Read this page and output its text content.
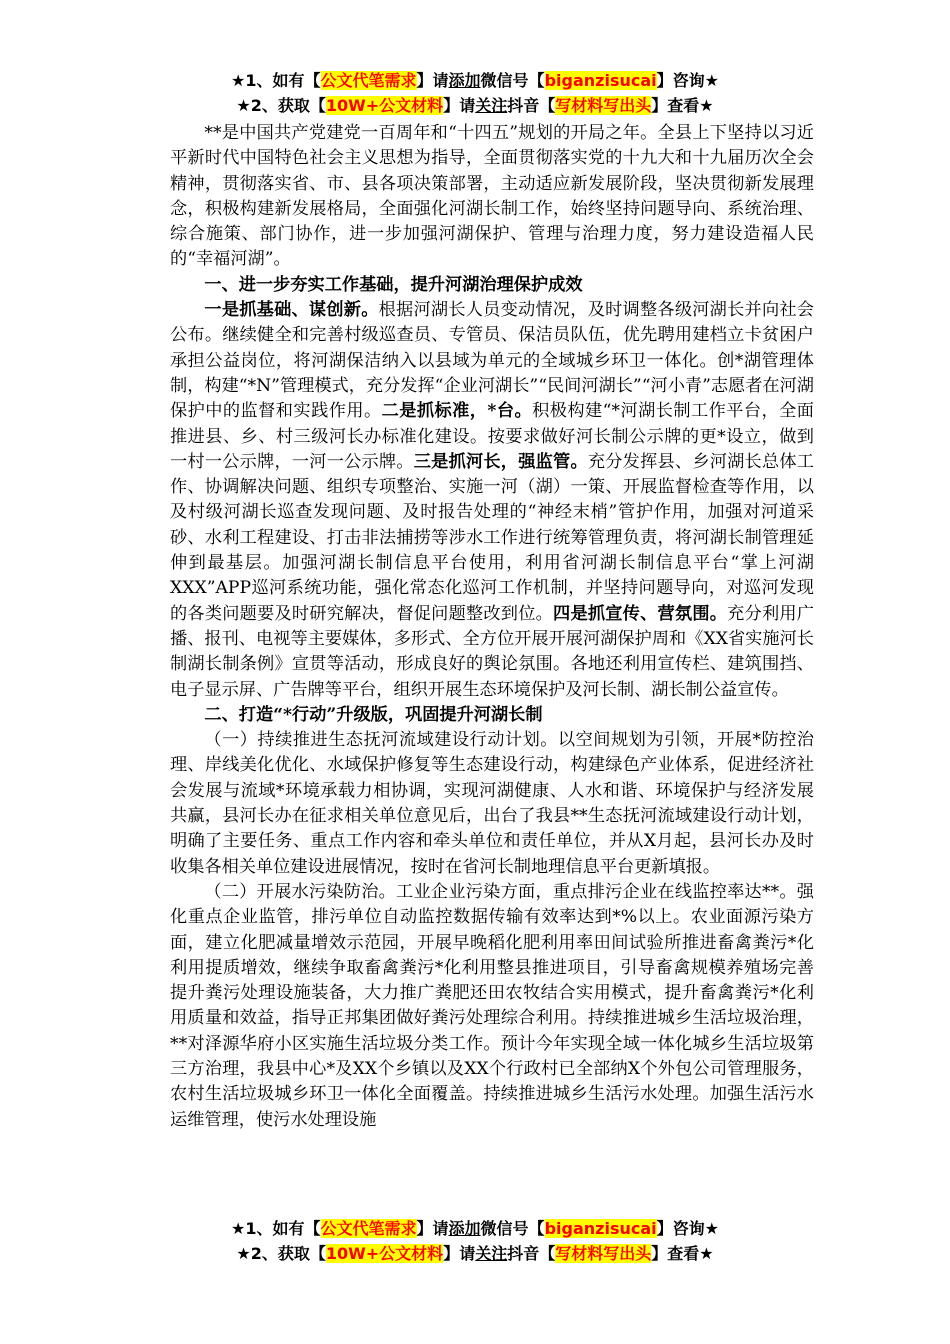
★1、如有【公文代笔需求】请添加微信号【biganzisucai】咨询★
★2、获取【10W+公文材料】请关注抖音【写材料写出头】查看★

**是中国共产党建党一百周年和“十四五”规划的开局之年。全县上下坚持以习近平新时代中国特色社会主义思想为指导，全面贯彻落实党的十九大和十九届历次全会精神，贯彻落实省、市、县各项决策部署，主动适应新发展阶段，坚决贯彻新发展理念，积极构建新发展格局，全面强化河湖长制工作，始终坚持问题导向、系统治理、综合施策、部门协作，进一步加强河湖保护、管理与治理力度，努力建设造福人民的“幸福河湖”。

一、进一步夯实工作基础，提升河湖治理保护成效

一是抓基础、谋创新。根据河湖长人员变动情况，及时调整各级河湖长并向社会公布。继续健全和完善村级巡查员、专管员、保洁员队伍，优先聘用建档立卡贫困户承担公益岗位，将河湖保洁纳入以县域为单元的全域城乡环卫一体化。创*湖管理体制，构建“*N”管理模式，充分发挥“企业河湖长”“民间河湖长”“河小青”志愿者在河湖保护中的监督和实践作用。二是抓标准，*台。积极构建“*河湖长制工作平台，全面推进县、乡、村三级河长办标准化建设。按要求做好河长制公示牌的更*设立，做到一村一公示牌，一河一公示牌。三是抓河长，强监管。充分发挥县、乡河湖长总体工作、协调解决问题、组织专项整治、实施一河（湖）一策、开展监督检查等作用，以及村级河湖长巡查发现问题、及时报告处理的“神经末梢”管护作用，加强对河道采砂、水利工程建设、打击非法捕捞等涉水工作进行统筹管理负责，将河湖长制管理延伸到最基层。加强河湖长制信息平台使用，利用省河湖长制信息平台“掌上河湖XXX”APP巡河系统功能，强化常态化巡河工作机制，并坚持问题导向，对巡河发现的各类问题要及时研究解决，督促问题整改到位。四是抓宣传、营氛围。充分利用广播、报刊、电视等主要媒体，多形式、全方位开展开展河湖保护周和《XX省实施河长制湖长制条例》宣贯等活动，形成良好的舆论氛围。各地还利用宣传栏、建筑围挡、电子显示屏、广告牌等平台，组织开展生态环境保护及河长制、湖长制公益宣传。

二、打造“*行动”升级版，巩固提升河湖长制

（一）持续推进生态抚河流域建设行动计划。以空间规划为引领，开展*防控治理、岸线美化优化、水域保护修复等生态建设行动，构建绿色产业体系，促进经济社会发展与流域*环境承载力相协调，实现河湖健康、人水和谐、环境保护与经济发展共赢，县河长办在征求相关单位意见后，出台了我县**生态抚河流域建设行动计划，明确了主要任务、重点工作内容和牵头单位和责任单位，并从X月起，县河长办及时收集各相关单位建设进展情况，按时在省河长制地理信息平台更新填报。

（二）开展水污染防治。工业企业污染方面，重点排污企业在线监控率达**。强化重点企业监管，排污单位自动监控数据传输有效率达到*%以上。农业面源污染方面，建立化肥减量增效示范园，开展早晚稻化肥利用率田间试验所推进畜禽粪污*化利用提质增效，继续争取畜禽粪污*化利用整县推进项目，引导畜禽规模养殖场完善提升粪污处理设施装备，大力推广粪肥还田农牧结合实用模式，提升畜禽粪污*化利用质量和效益，指导正邦集团做好粪污处理综合利用。持续推进城乡生活垃圾治理，**对泽源华府小区实施生活垃圾分类工作。预计今年实现全域一体化城乡生活垃圾第三方治理，我县中心*及XX个乡镇以及XX个行政村已全部纳X个外包公司管理服务，农村生活垃圾城乡环卫一体化全面覆盖。持续推进城乡生活污水处理。加强生活污水运维管理，使污水处理设施

★1、如有【公文代笔需求】请添加微信号【biganzisucai】咨询★
★2、获取【10W+公文材料】请关注抖音【写材料写出头】查看★
